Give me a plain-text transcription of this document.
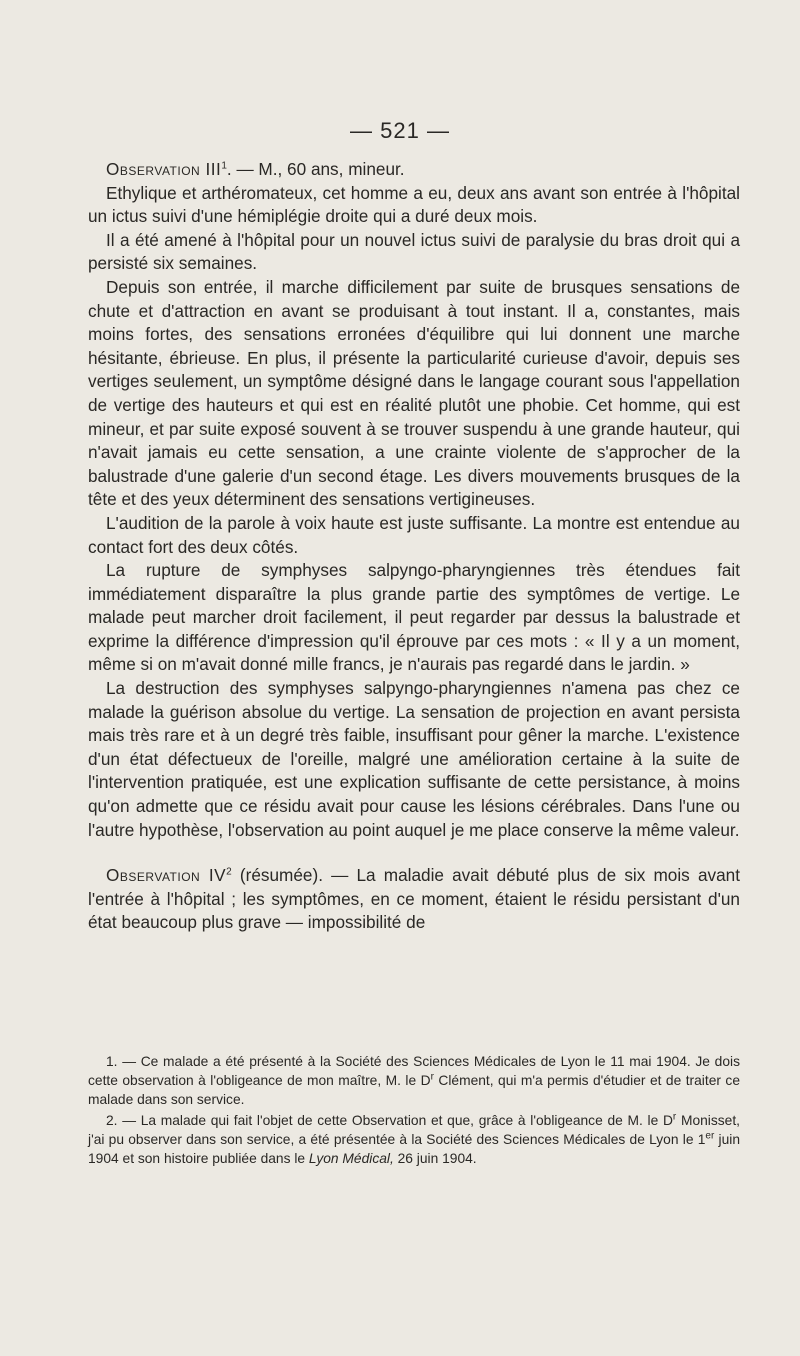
— 521 —

Observation III$^1$. — M., 60 ans, mineur.

Ethylique et arthéromateux, cet homme a eu, deux ans avant son entrée à l'hôpital un ictus suivi d'une hémiplégie droite qui a duré deux mois.

Il a été amené à l'hôpital pour un nouvel ictus suivi de paralysie du bras droit qui a persisté six semaines.

Depuis son entrée, il marche difficilement par suite de brusques sensations de chute et d'attraction en avant se produisant à tout instant. Il a, constantes, mais moins fortes, des sensations erronées d'équilibre qui lui donnent une marche hésitante, ébrieuse. En plus, il présente la particularité curieuse d'avoir, depuis ses vertiges seulement, un symptôme désigné dans le langage courant sous l'appellation de vertige des hauteurs et qui est en réalité plutôt une phobie. Cet homme, qui est mineur, et par suite exposé souvent à se trouver suspendu à une grande hauteur, qui n'avait jamais eu cette sensation, a une crainte violente de s'approcher de la balustrade d'une galerie d'un second étage. Les divers mouvements brusques de la tête et des yeux déterminent des sensations vertigineuses.

L'audition de la parole à voix haute est juste suffisante. La montre est entendue au contact fort des deux côtés.

La rupture de symphyses salpyngo-pharyngiennes très étendues fait immédiatement disparaître la plus grande partie des symptômes de vertige. Le malade peut marcher droit facilement, il peut regarder par dessus la balustrade et exprime la différence d'impression qu'il éprouve par ces mots : « Il y a un moment, même si on m'avait donné mille francs, je n'aurais pas regardé dans le jardin. »

La destruction des symphyses salpyngo-pharyngiennes n'amena pas chez ce malade la guérison absolue du vertige. La sensation de projection en avant persista mais très rare et à un degré très faible, insuffisant pour gêner la marche. L'existence d'un état défectueux de l'oreille, malgré une amélioration certaine à la suite de l'intervention pratiquée, est une explication suffisante de cette persistance, à moins qu'on admette que ce résidu avait pour cause les lésions cérébrales. Dans l'une ou l'autre hypothèse, l'observation au point auquel je me place conserve la même valeur.

Observation $IV^2$ (résumée). — La maladie avait débuté plus de six mois avant l'entrée à l'hôpital ; les symptômes, en ce moment, étaient le résidu persistant d'un état beaucoup plus grave — impossibilité de

1. — Ce malade a été présenté à la Société des Sciences Médicales de Lyon le 11 mai 1904. Je dois cette observation à l'obligeance de mon maître, M. le $D^r$ Clément, qui m'a permis d'étudier et de traiter ce malade dans son service.

2. — La malade qui fait l'objet de cette Observation et que, grâce à l'obligeance de M. le $D^r$ Monisset, j'ai pu observer dans son service, a été présentée à la Société des Sciences Médicales de Lyon le 1er juin 1904 et son histoire publiée dans le Lyon Médical, 26 juin 1904.
